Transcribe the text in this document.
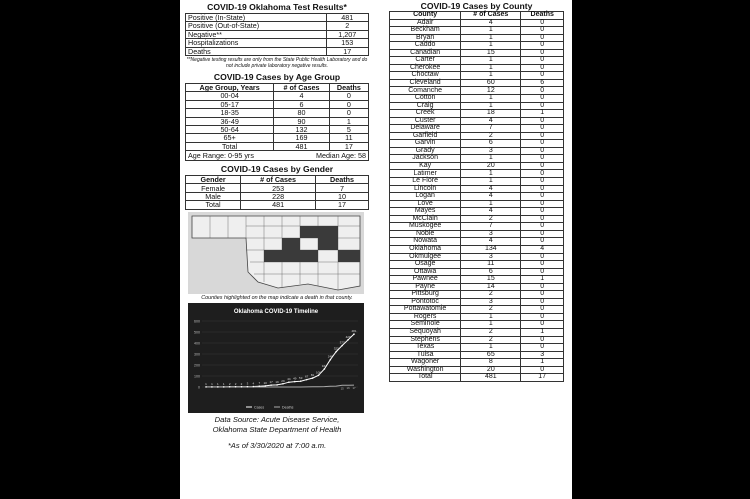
COVID-19 Oklahoma Test Results*
Positive (In-State)	481
Positive (Out-of-State)	2
Negative**	1,207
Hospitalizations	153
Deaths	17
**Negative testing results are only from the State Public Health Laboratory and do not include private laboratory negative results.
COVID-19 Cases by Age Group
Age Group, Years	# of Cases	Deaths
00-04	4	0
05-17	6	0
18-35	80	0
36-49	90	1
50-64	132	5
65+	169	11
Total	481	17
Age Range: 0-95 yrs	Median Age: 58
COVID-19 Cases by Gender
Gender	# of Cases	Deaths
Female	253	7
Male	228	10
Total	481	17
Counties highlighted on the map indicate a death in that county.
Oklahoma COVID-19 Timeline
0
100
200
300
400
500
600
1 1 1 1 2 2 2 3 4 7 10 17 19 29 44 49 53 67 81
106
164
248
322
377
429
481
15 16 17
Cases	Deaths
Data Source: Acute Disease Service,
Oklahoma State Department of Health
*As of 3/30/2020 at 7:00 a.m.
COVID-19 Cases by County
County	# of Cases	Deaths
Adair	4	0
Beckham	1	0
Bryan	1	0
Caddo	1	0
Canadian	15	0
Carter	1	0
Cherokee	1	0
Choctaw	1	0
Cleveland	60	6
Comanche	12	0
Cotton	1	0
Craig	1	0
Creek	18	1
Custer	4	0
Delaware	7	0
Garfield	2	0
Garvin	6	0
Grady	3	0
Jackson	1	0
Kay	20	0
Latimer	1	0
Le Flore	1	0
Lincoln	4	0
Logan	4	0
Love	1	0
Mayes	4	0
McClain	2	0
Muskogee	7	0
Noble	3	0
Nowata	4	0
Oklahoma	134	4
Okmulgee	3	0
Osage	11	0
Ottawa	6	0
Pawnee	15	1
Payne	14	0
Pittsburg	2	0
Pontotoc	3	0
Pottawatomie	2	0
Rogers	1	0
Seminole	1	0
Sequoyah	2	1
Stephens	2	0
Texas	1	0
Tulsa	65	3
Wagoner	8	1
Washington	20	0
Total	481	17
